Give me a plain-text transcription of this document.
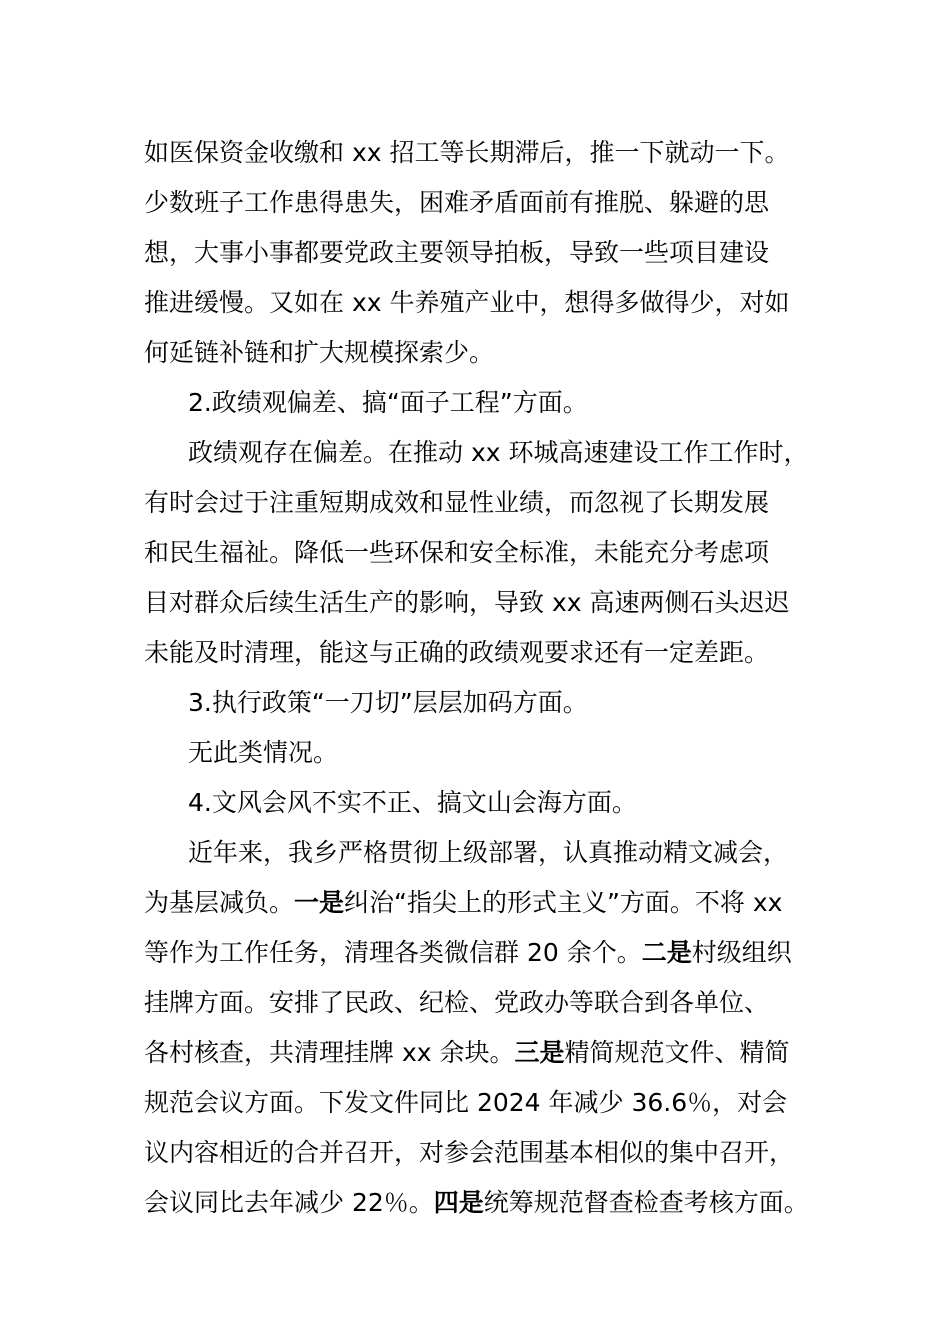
如医保资金收缴和 xx 招工等长期滞后，推一下就动一下。
少数班子工作患得患失，困难矛盾面前有推脱、躲避的思
想，大事小事都要党政主要领导拍板，导致一些项目建设
推进缓慢。又如在 xx 牛养殖产业中，想得多做得少，对如
何延链补链和扩大规模探索少。
2.政绩观偏差、搞“面子工程”方面。
政绩观存在偏差。在推动 xx 环城高速建设工作工作时，
有时会过于注重短期成效和显性业绩，而忽视了长期发展
和民生福祉。降低一些环保和安全标准，未能充分考虑项
目对群众后续生活生产的影响，导致 xx 高速两侧石头迟迟
未能及时清理，能这与正确的政绩观要求还有一定差距。
3.执行政策“一刀切”层层加码方面。
无此类情况。
4.文风会风不实不正、搞文山会海方面。
近年来，我乡严格贯彻上级部署，认真推动精文减会，
为基层减负。一是纠治“指尖上的形式主义”方面。不将 xx
等作为工作任务，清理各类微信群 20 余个。二是村级组织
挂牌方面。安排了民政、纪检、党政办等联合到各单位、
各村核查，共清理挂牌 xx 余块。三是精简规范文件、精简
规范会议方面。下发文件同比 2024 年减少 36.6％，对会
议内容相近的合并召开，对参会范围基本相似的集中召开，
会议同比去年减少 22％。四是统筹规范督查检查考核方面。
